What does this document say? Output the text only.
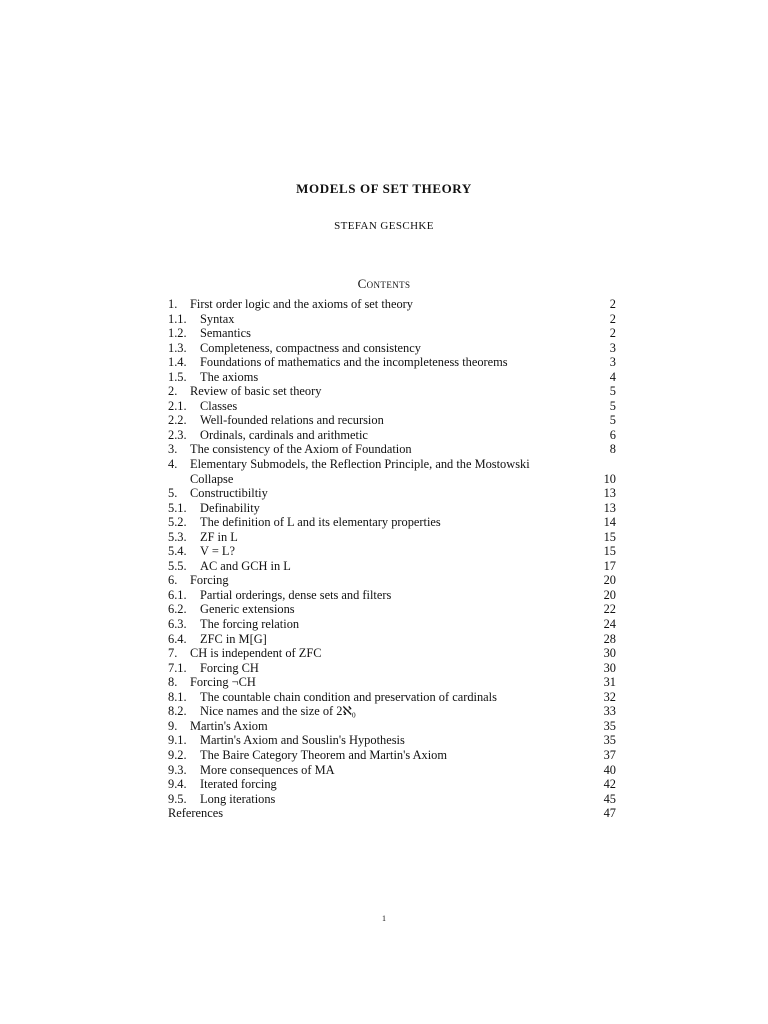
MODELS OF SET THEORY
STEFAN GESCHKE
Contents
1. First order logic and the axioms of set theory	2
1.1. Syntax	2
1.2. Semantics	2
1.3. Completeness, compactness and consistency	3
1.4. Foundations of mathematics and the incompleteness theorems	3
1.5. The axioms	4
2. Review of basic set theory	5
2.1. Classes	5
2.2. Well-founded relations and recursion	5
2.3. Ordinals, cardinals and arithmetic	6
3. The consistency of the Axiom of Foundation	8
4. Elementary Submodels, the Reflection Principle, and the Mostowski Collapse	10
5. Constructibiltiy	13
5.1. Definability	13
5.2. The definition of L and its elementary properties	14
5.3. ZF in L	15
5.4. V = L?	15
5.5. AC and GCH in L	17
6. Forcing	20
6.1. Partial orderings, dense sets and filters	20
6.2. Generic extensions	22
6.3. The forcing relation	24
6.4. ZFC in M[G]	28
7. CH is independent of ZFC	30
7.1. Forcing CH	30
8. Forcing ¬CH	31
8.1. The countable chain condition and preservation of cardinals	32
8.2. Nice names and the size of 2ℵ₀	33
9. Martin's Axiom	35
9.1. Martin's Axiom and Souslin's Hypothesis	35
9.2. The Baire Category Theorem and Martin's Axiom	37
9.3. More consequences of MA	40
9.4. Iterated forcing	42
9.5. Long iterations	45
References	47
1
